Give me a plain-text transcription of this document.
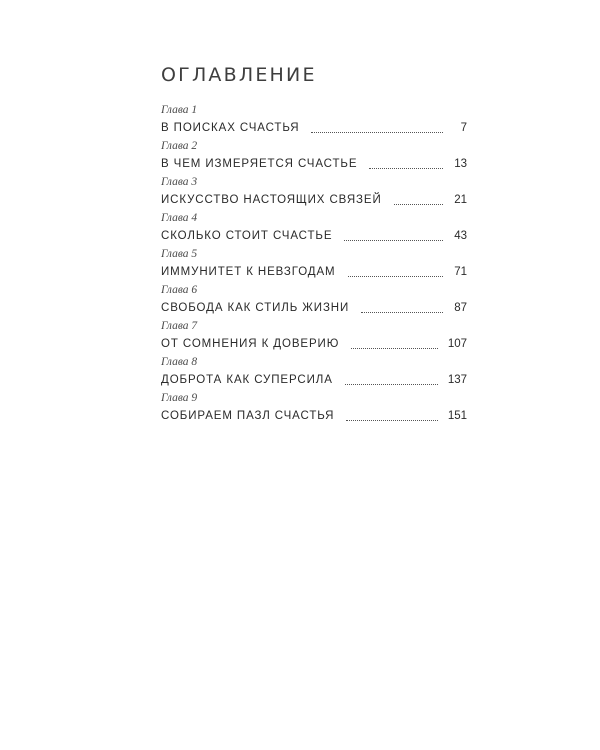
ОГЛАВЛЕНИЕ
Глава 1
В ПОИСКАХ СЧАСТЬЯ	7
Глава 2
В ЧЕМ ИЗМЕРЯЕТСЯ СЧАСТЬЕ	13
Глава 3
ИСКУССТВО НАСТОЯЩИХ СВЯЗЕЙ	21
Глава 4
СКОЛЬКО СТОИТ СЧАСТЬЕ	43
Глава 5
ИММУНИТЕТ К НЕВЗГОДАМ	71
Глава 6
СВОБОДА КАК СТИЛЬ ЖИЗНИ	87
Глава 7
ОТ СОМНЕНИЯ К ДОВЕРИЮ	107
Глава 8
ДОБРОТА КАК СУПЕРСИЛА	137
Глава 9
СОБИРАЕМ ПАЗЛ СЧАСТЬЯ	151
